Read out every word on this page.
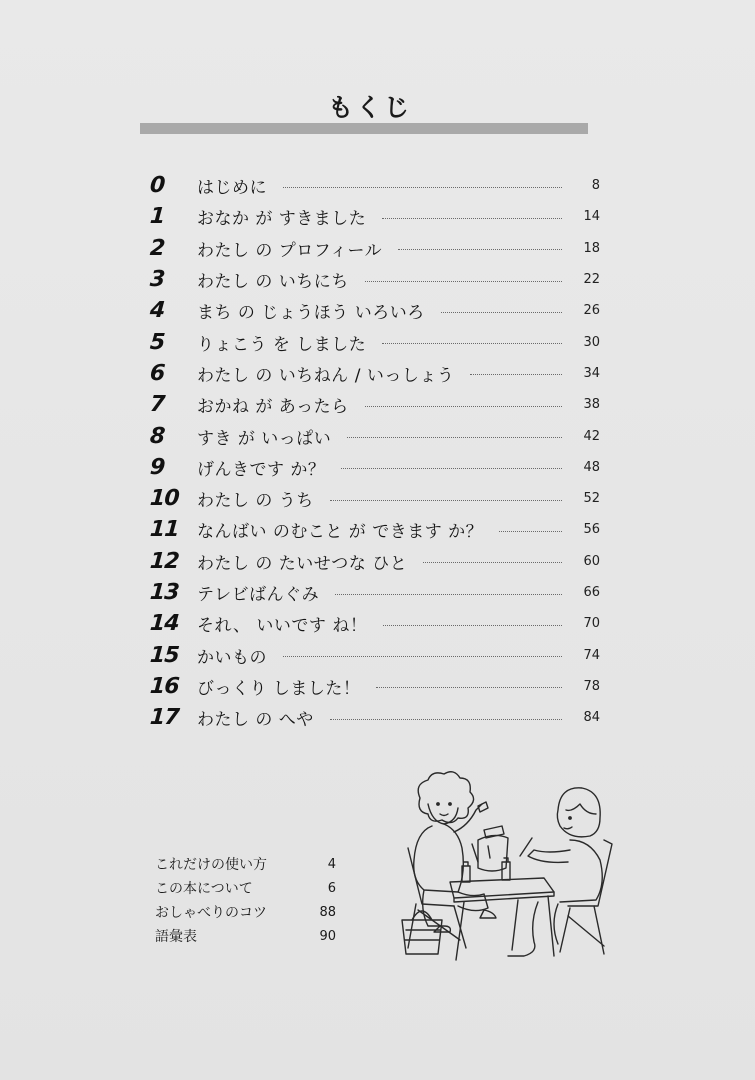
もくじ
0	はじめに	8
1	おなか が すきました	14
2	わたし の プロフィール	18
3	わたし の いちにち	22
4	まち の じょうほう いろいろ	26
5	りょこう を しました	30
6	わたし の いちねん / いっしょう	34
7	おかね が あったら	38
8	すき が いっぱい	42
9	げんきです か？	48
10	わたし の うち	52
11	なんばい のむこと が できます か？	56
12	わたし の たいせつな ひと	60
13	テレビばんぐみ	66
14	それ、 いいです ね！	70
15	かいもの	74
16	びっくり しました！	78
17	わたし の へや	84
これだけの使い方	4
この本について	6
おしゃべりのコツ	88
語彙表	90
